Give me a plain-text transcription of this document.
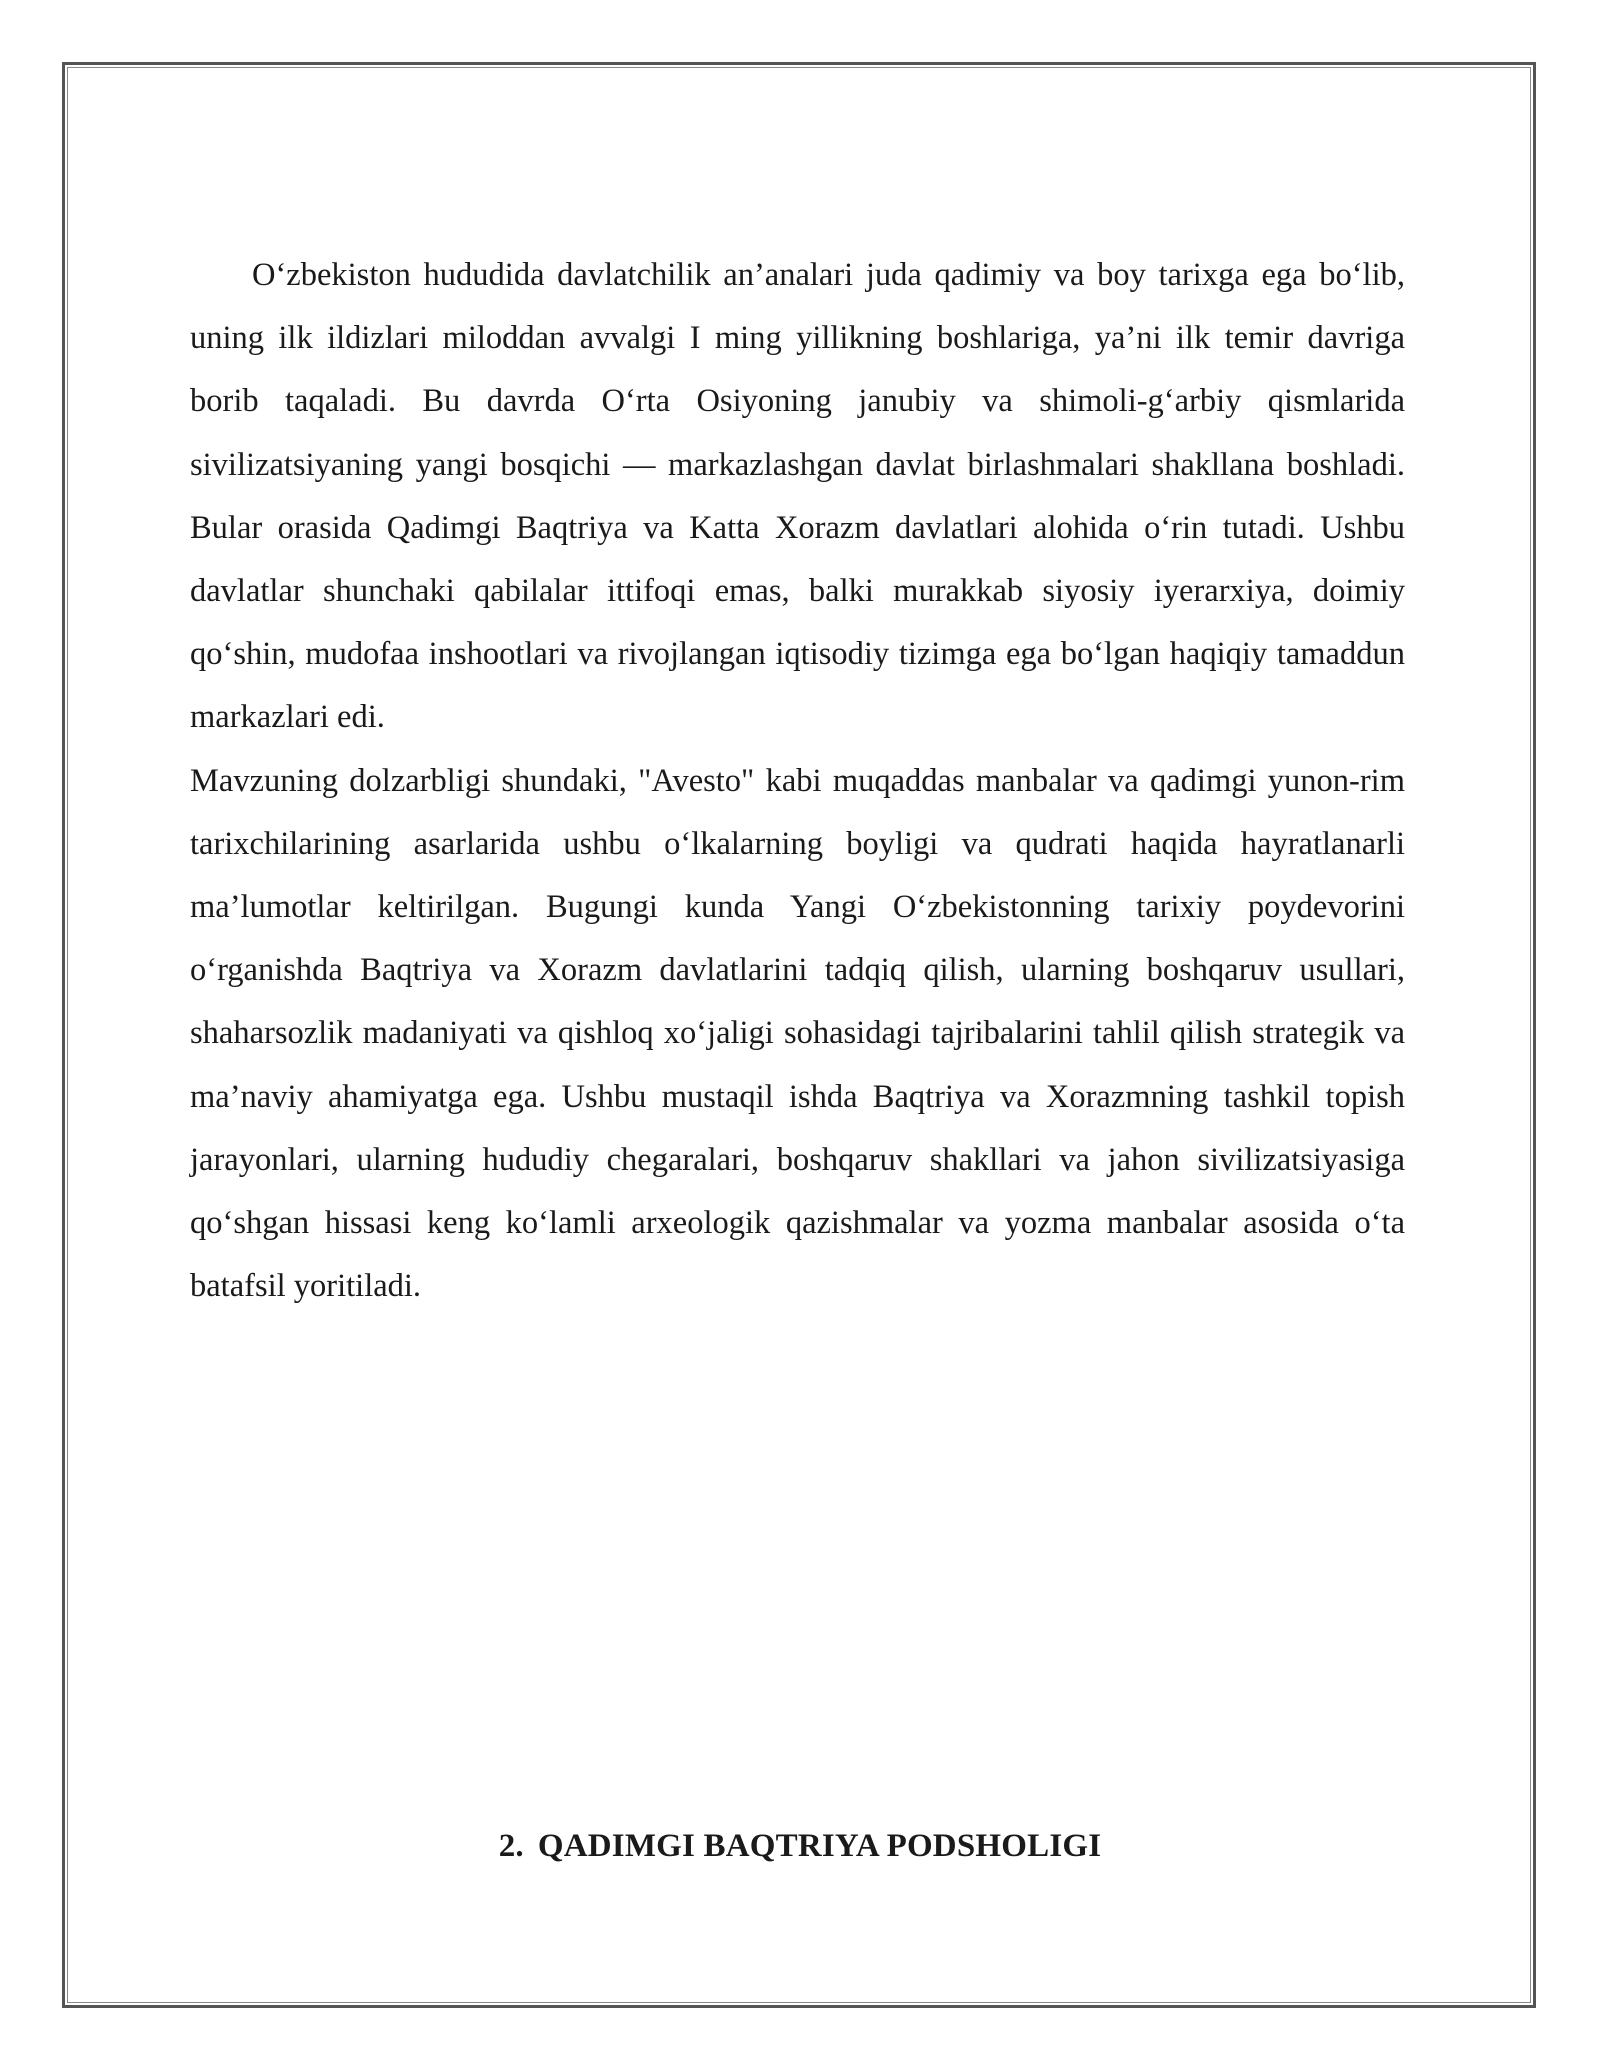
O‘zbekiston hududida davlatchilik an’analari juda qadimiy va boy tarixga ega bo‘lib, uning ilk ildizlari miloddan avvalgi I ming yillikning boshlariga, ya’ni ilk temir davriga borib taqaladi. Bu davrda O‘rta Osiyoning janubiy va shimoli-g‘arbiy qismlarida sivilizatsiyaning yangi bosqichi — markazlashgan davlat birlashmalari shakllana boshladi. Bular orasida Qadimgi Baqtriya va Katta Xorazm davlatlari alohida o‘rin tutadi. Ushbu davlatlar shunchaki qabilalar ittifoqi emas, balki murakkab siyosiy iyerarxiya, doimiy qo‘shin, mudofaa inshootlari va rivojlangan iqtisodiy tizimga ega bo‘lgan haqiqiy tamaddun markazlari edi.

Mavzuning dolzarbligi shundaki, "Avesto" kabi muqaddas manbalar va qadimgi yunon-rim tarixchilarining asarlarida ushbu o‘lkalarning boyligi va qudrati haqida hayratlanarli ma’lumotlar keltirilgan. Bugungi kunda Yangi O‘zbekistonning tarixiy poydevorini o‘rganishda Baqtriya va Xorazm davlatlarini tadqiq qilish, ularning boshqaruv usullari, shaharsozlik madaniyati va qishloq xo‘jaligi sohasidagi tajribalarini tahlil qilish strategik va ma’naviy ahamiyatga ega. Ushbu mustaqil ishda Baqtriya va Xorazmning tashkil topish jarayonlari, ularning hududiy chegaralari, boshqaruv shakllari va jahon sivilizatsiyasiga qo‘shgan hissasi keng ko‘lamli arxeologik qazishmalar va yozma manbalar asosida o‘ta batafsil yoritiladi.

2. QADIMGI BAQTRIYA PODSHOLIGI
